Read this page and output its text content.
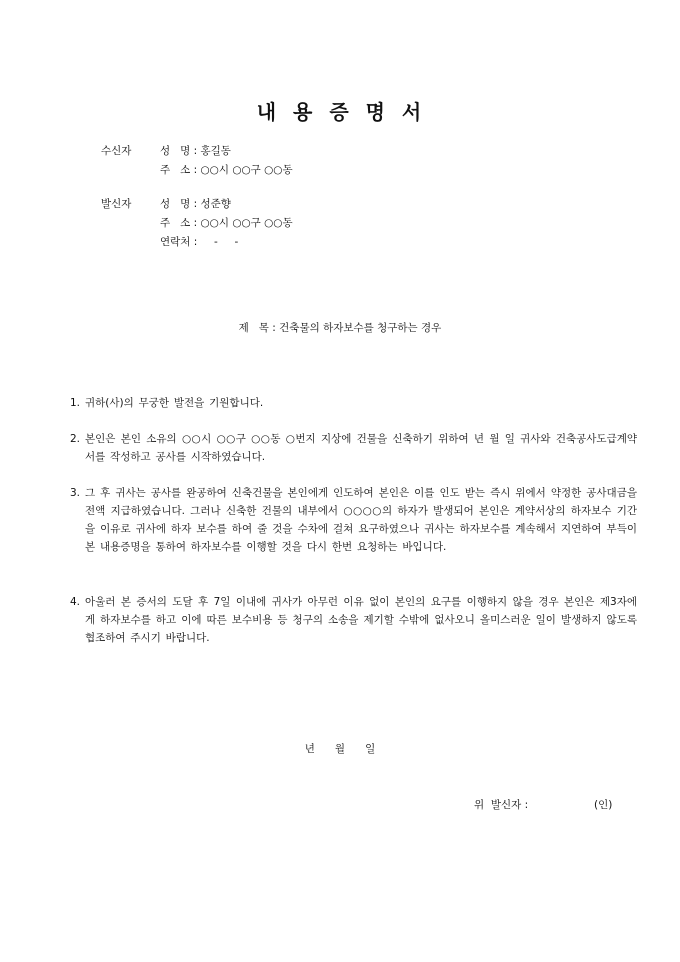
내 용 증 명 서
수신자	성   명 : 홍길동
주   소 : ○○시 ○○구 ○○동
발신자	성   명 : 성준향
주   소 : ○○시 ○○구 ○○동
연락처 :     -     -
제   목 : 건축물의 하자보수를 청구하는 경우
1. 귀하(사)의 무궁한 발전을 기원합니다.
2. 본인은 본인 소유의 ○○시 ○○구 ○○동 ○번지 지상에 건물을 신축하기 위하여 년 월 일 귀사와 건축공사도급계약서를 작성하고 공사를 시작하였습니다.
3. 그 후 귀사는 공사를 완공하여 신축건물을 본인에게 인도하여 본인은 이를 인도 받는 즉시 위에서 약정한 공사대금을 전액 지급하였습니다. 그러나 신축한 건물의 내부에서 ○○○○의 하자가 발생되어 본인은 계약서상의 하자보수 기간을 이유로 귀사에 하자 보수를 하여 줄 것을 수차에 걸쳐 요구하였으나 귀사는 하자보수를 계속해서 지연하여 부득이 본 내용증명을 통하여 하자보수를 이행할 것을 다시 한번 요청하는 바입니다.
4. 아울러 본 증서의 도달 후 7일 이내에 귀사가 아무런 이유 없이 본인의 요구를 이행하지 않을 경우 본인은 제3자에게 하자보수를 하고 이에 따른 보수비용 등 청구의 소송을 제기할 수밖에 없사오니 올미스러운 일이 발생하지 않도록 협조하여 주시기 바랍니다.
년      월      일
위  발신자 :	(인)
